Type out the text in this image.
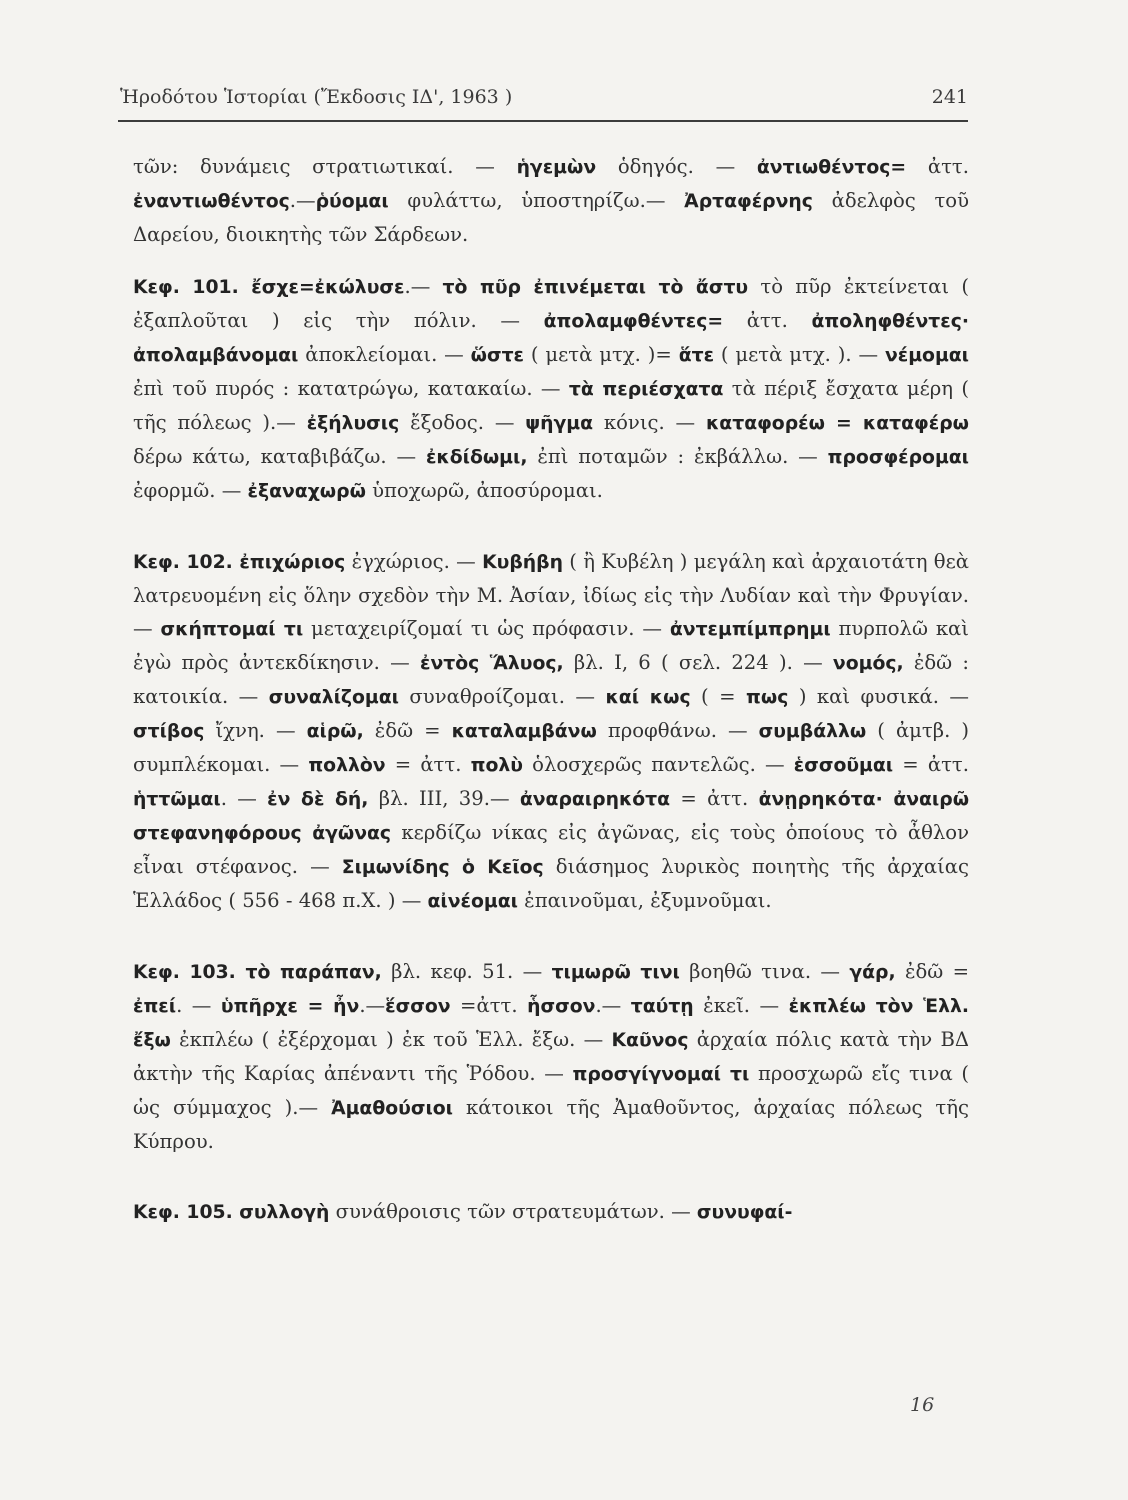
Ἡροδότου Ἱστορίαι (Ἔκδοσις ΙΔ', 1963 )	241

τῶν: δυνάμεις στρατιωτικαί. — ἡγεμὼν ὁδηγός. — ἀντιωθέντος= ἀττ. ἐναντιωθέντος.—ῥύομαι φυλάττω, ὑποστηρίζω.— Ἀρταφέρνης ἀδελφὸς τοῦ Δαρείου, διοικητὴς τῶν Σάρδεων.

Κεφ. 101. ἔσχε=ἐκώλυσε.— τὸ πῦρ ἐπινέμεται τὸ ἄστυ τὸ πῦρ ἐκτείνεται ( ἐξαπλοῦται ) εἰς τὴν πόλιν. — ἀπολαμφθέντες= ἀττ. ἀποληφθέντες· ἀπολαμβάνομαι ἀποκλείομαι. — ὥστε ( μετὰ μτχ. )= ἅτε ( μετὰ μτχ. ). — νέμομαι ἐπὶ τοῦ πυρός : κατατρώγω, κατακαίω. — τὰ περιέσχατα τὰ πέριξ ἔσχατα μέρη ( τῆς πόλεως ).— ἐξήλυσις ἔξοδος. — ψῆγμα κόνις. — καταφορέω = καταφέρω δέρω κάτω, καταβιβάζω. — ἐκδίδωμι, ἐπὶ ποταμῶν : ἐκβάλλω. — προσφέρομαι ἐφορμῶ. — ἐξαναχωρῶ ὑποχωρῶ, ἀποσύρομαι.

Κεφ. 102. ἐπιχώριος ἐγχώριος. — Κυβήβη ( ἢ Κυβέλη ) μεγάλη καὶ ἀρχαιοτάτη θεὰ λατρευομένη εἰς ὅλην σχεδὸν τὴν Μ. Ἀσίαν, ἰδίως εἰς τὴν Λυδίαν καὶ τὴν Φρυγίαν. — σκήπτομαί τι μεταχειρίζομαί τι ὡς πρόφασιν. — ἀντεμπίμπρημι πυρπολῶ καὶ ἐγὼ πρὸς ἀντεκδίκησιν. — ἐντὸς Ἅλυος, βλ. Ι, 6 ( σελ. 224 ). — νομός, ἐδῶ : κατοικία. — συναλίζομαι συναθροίζομαι. — καί κως ( = πως ) καὶ φυσικά. — στίβος ἴχνη. — αἱρῶ, ἐδῶ = καταλαμβάνω προφθάνω. — συμβάλλω ( ἀμτβ. ) συμπλέκομαι. — πολλὸν = ἀττ. πολὺ ὁλοσχερῶς παντελῶς. — ἑσσοῦμαι = ἀττ. ἡττῶμαι. — ἐν δὲ δή, βλ. ΙΙΙ, 39.— ἀναραιρηκότα = ἀττ. ἀνῃρηκότα· ἀναιρῶ στεφανηφόρους ἀγῶνας κερδίζω νίκας εἰς ἀγῶνας, εἰς τοὺς ὁποίους τὸ ἆθλον εἶναι στέφανος. — Σιμωνίδης ὁ Κεῖος διάσημος λυρικὸς ποιητὴς τῆς ἀρχαίας Ἑλλάδος ( 556 - 468 π.Χ. ) — αἰνέομαι ἐπαινοῦμαι, ἐξυμνοῦμαι.

Κεφ. 103. τὸ παράπαν, βλ. κεφ. 51. — τιμωρῶ τινι βοηθῶ τινα. — γάρ, ἐδῶ = ἐπεί. — ὑπῆρχε = ἦν.—ἕσσον =ἀττ. ἧσσον.— ταύτῃ ἐκεῖ. — ἐκπλέω τὸν Ἑλλ. ἔξω ἐκπλέω ( ἐξέρχομαι ) ἐκ τοῦ Ἑλλ. ἔξω. — Καῦνος ἀρχαία πόλις κατὰ τὴν ΒΔ ἀκτὴν τῆς Καρίας ἀπέναντι τῆς Ῥόδου. — προσγίγνομαί τι προσχωρῶ εἴς τινα ( ὡς σύμμαχος ).— Ἀμαθούσιοι κάτοικοι τῆς Ἀμαθοῦντος, ἀρχαίας πόλεως τῆς Κύπρου.

Κεφ. 105. συλλογὴ συνάθροισις τῶν στρατευμάτων. — συνυφαί-

16
